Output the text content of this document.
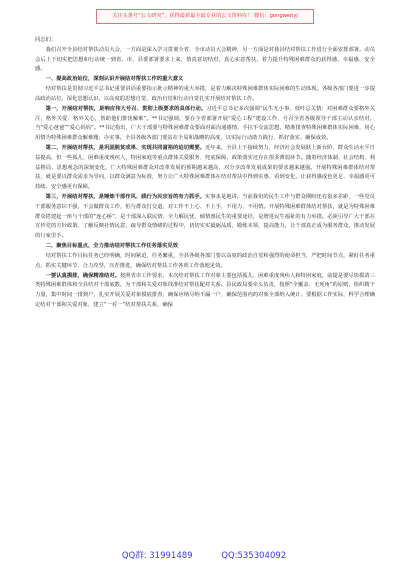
关注头条号“公文研究”，获得最新最全最专业的公文资料库！ 微信：gongwenyj

同志们：

我们召开全县结对帮扶动员大会，一方面是深入学习贯彻全省、全市动员大会精神，另一方面是对我县结对帮扶工作进行全面安排部署。动员会后上下切实把思想和行动统一到省、市、县委部署要求上来，情真意切结对，真心实意帮扶，着力提升特殊困难群众的获得感、幸福感、安全感。

一、提高政治站位，深刻认识开展结对帮扶工作的重大意义

结对帮扶是贯彻习近平总书记重要讲话重要指示批示精神的重大举措，是着力解决特殊困难群体实际困难的生动体现。各级各部门要进一步提高政治站位，深化思想认识，以高度的思想自觉、政治自觉和行动自觉扎实开展结对帮扶工作。

第一，开展结对帮扶，是响应伟大号召、贯彻上级要求的具体行动。习近平总书记多次强调“民生无小事，枝叶总关情；对困难群众要格外关注、格外关爱、格外关心，帮助他们排忧解难”。**书记强调，要在全省部署开展“爱心工程”建设工作，号召全省各级领导干部主动认亲结对，当“爱心爸爸”“爱心妈妈”。**书记指出，广大干部要与特殊困难群众要面对面沟通感情、手拉手交流思想，精准排查特殊困难群体实际困难，用心用情为特殊困难群众解难题、办实事。全县各级各部门要站在全局和战略的高度，以实际行动助力践行、抓好落实、确保成效。

第二，开展结对帮扶，是巩固脱贫成果、实现共同富裕的迫切需要。近年来，全县上下接续努力，经济社会发展跃上新台阶，群众生活水平日益提高，但一些孤儿、困难重度残疾人、特困家庭等重点群体关爱服务、兜底保障、政策落实还存在很多薄弱环节。随着经济体制、社会结构、利益格局、思想观念的深刻变化，广大特殊困难群众对改革发展的预期越来越高，对分享改革发展成果的要求越来越强。开展特殊困难群体结对帮扶，就是要以群众需求为导向，以群众满意为标准，努力让广大特殊困难群体在结对帮扶中得到实惠、看到变化，让获得感成色更足、幸福感更可持续、安全感更有保障。

第三，开展结对帮扶，是锤炼干部作风、践行为民宗旨的有力抓手。实事求是地讲，当前我们的民生工作与群众期盼还有很多差距，一些党员干部服务意识不强，不会做群众工作，怕与群众打交道，对工作不上心、不上手，不用力、不用情。开展特殊困难群体结对帮扶，就是为特殊困难群众搭建起一座与干部的“连心桥”，是干部深入联民情、全力解民忧、倾情惠民生的重要途径，是增进民生福祉的有力举措。必须引导广大干部在宣传党的方针政策、了解反映社情民意、疏导群众情绪的过程中，切切实实砥砺品质，锻炼本领，提高能力，让干部真正成为服务群众、推动发展的行家里手。

二、聚焦目标重点，全力推动结对帮扶工作任务落实见效

结对帮扶工作目标任务已经明确，时间紧迫，任务繁重，全县各级各部门要以高度的政治自觉和强烈的使命担当，严把时间节点，紧盯任务重点，抓实关键环节，合力攻坚，压茬推进，确保结对帮扶工作各项工作落地见效。

一要认真摸排，确保精准结对。按照省市工作要求，本次结对帮扶工作对象主要包括孤儿、困难重度残疾人和特困家庭，前提是要尽快摸清三类特殊困难群体和全县结对干部底数。为干部和关爱对象找准结对帮扶配对关系。县民政局要牵头负责，按照“全覆盖、无死角”的原则，组织精干力量，集中时间一排到户，扎实开展关爱对象摸底排查，确保应纳尽纳不漏一户，确保范围内的对象全部纳入统计。要根据工作实际，科学合理确定结对干部和关爱对象，建立“一对一”结对帮扶关系，确保

QQ群: 31991489	QQ:535304092
